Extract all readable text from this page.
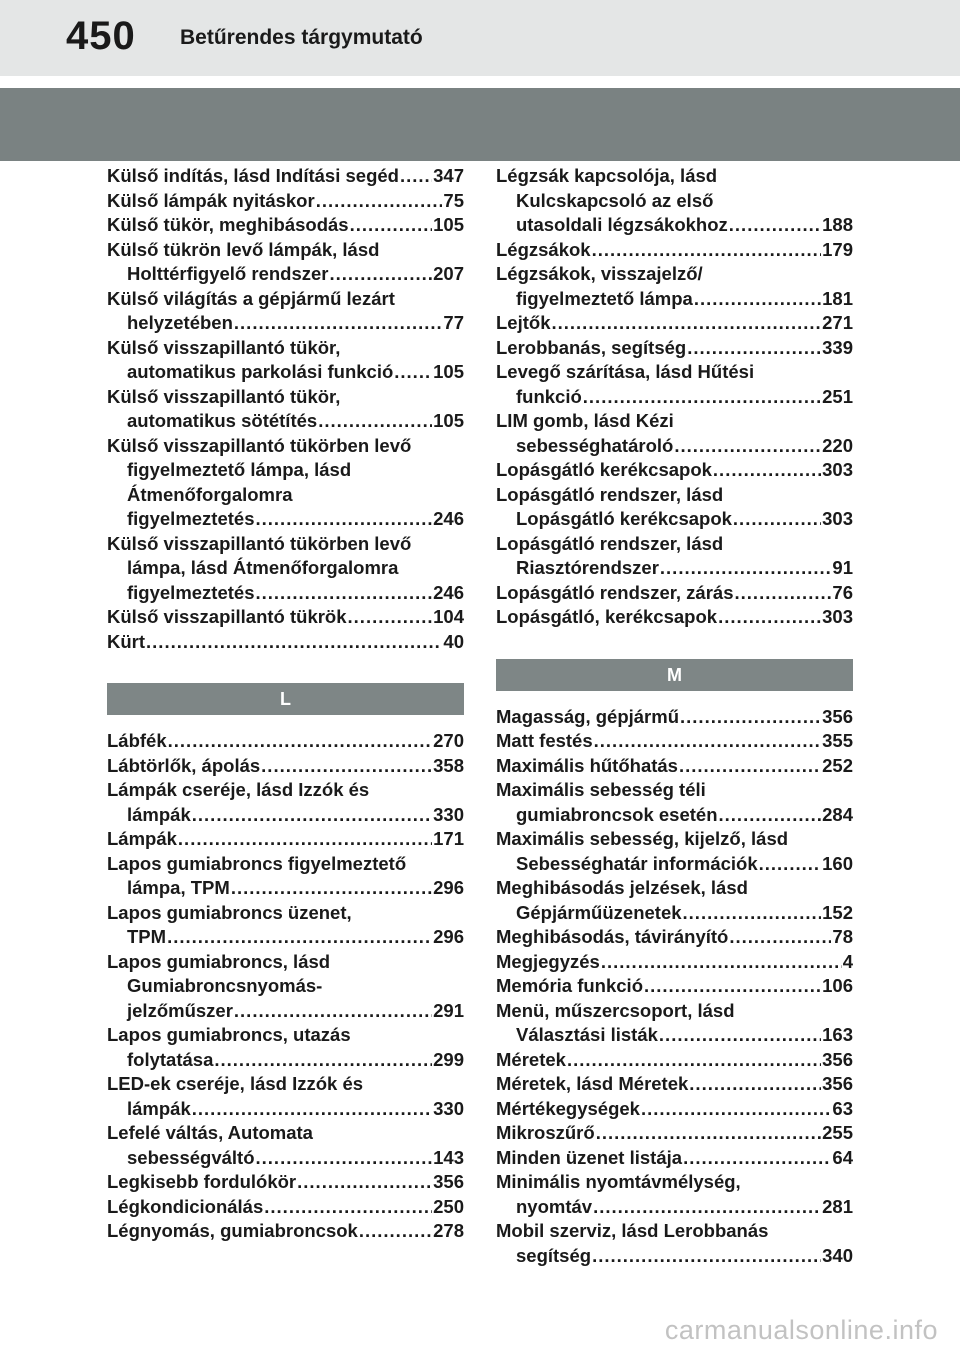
450 Betűrendes tárgymutató
Külső indítás, lásd Indítási segéd ..... 347
Külső lámpák nyitáskor .....	75
Külső tükör, meghibásodás .....	105
Külső tükrön levő lámpák, lásd
Holttérfigyelő rendszer .....	207
Külső világítás a gépjármű lezárt
helyzetében .....	77
Külső visszapillantó tükör,
automatikus parkolási funkció ..... 105
Külső visszapillantó tükör,
automatikus sötétítés .....	105
Külső visszapillantó tükörben levő
figyelmeztető lámpa, lásd
Átmenőforgalomra
figyelmeztetés .....	246
Külső visszapillantó tükörben levő
lámpa, lásd Átmenőforgalomra
figyelmeztetés .....	246
Külső visszapillantó tükrök .....	104
Kürt .....	40
L
Lábfék .....	270
Lábtörlők, ápolás .....	358
Lámpák cseréje, lásd Izzók és
lámpák .....	330
Lámpák .....	171
Lapos gumiabroncs figyelmeztető
lámpa, TPM .....	296
Lapos gumiabroncs üzenet,
TPM .....	296
Lapos gumiabroncs, lásd
Gumiabroncsnyomás-
jelzőműszer .....	291
Lapos gumiabroncs, utazás
folytatása .....	299
LED-ek cseréje, lásd Izzók és
lámpák .....	330
Lefelé váltás, Automata
sebességváltó .....	143
Legkisebb fordulókör .....	356
Légkondicionálás .....	250
Légnyomás, gumiabroncsok .....	278
Légzsák kapcsolója, lásd
Kulcskapcsoló az első
utasoldali légzsákokhoz .....	188
Légzsákok .....	179
Légzsákok, visszajelző/
figyelmeztető lámpa .....	181
Lejtők .....	271
Lerobbanás, segítség .....	339
Levegő szárítása, lásd Hűtési
funkció .....	251
LIM gomb, lásd Kézi
sebességhatároló .....	220
Lopásgátló kerékcsapok .....	303
Lopásgátló rendszer, lásd
Lopásgátló kerékcsapok .....	303
Lopásgátló rendszer, lásd
Riasztórendszer .....	91
Lopásgátló rendszer, zárás .....	76
Lopásgátló, kerékcsapok .....	303
M
Magasság, gépjármű .....	356
Matt festés .....	355
Maximális hűtőhatás .....	252
Maximális sebesség téli
gumiabroncsok esetén .....	284
Maximális sebesség, kijelző, lásd
Sebességhatár információk .....	160
Meghibásodás jelzések, lásd
Gépjárműüzenetek .....	152
Meghibásodás, távirányító .....	78
Megjegyzés .....	4
Memória funkció .....	106
Menü, műszercsoport, lásd
Választási listák .....	163
Méretek .....	356
Méretek, lásd Méretek .....	356
Mértékegységek .....	63
Mikroszűrő .....	255
Minden üzenet listája .....	64
Minimális nyomtávmélység,
nyomtáv .....	281
Mobil szerviz, lásd Lerobbanás
segítség .....	340
carmanualsonline.info
